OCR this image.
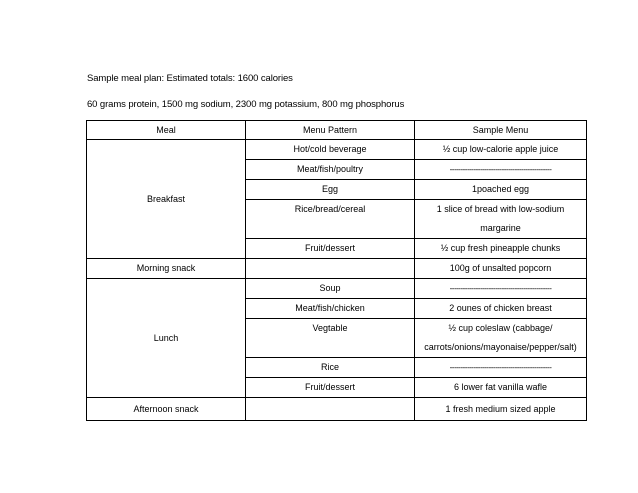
Sample meal plan: Estimated totals: 1600 calories
60 grams protein, 1500 mg sodium, 2300 mg potassium, 800 mg phosphorus
Meal	Menu Pattern	Sample Menu
Breakfast	Hot/cold beverage	½ cup low-calorie apple juice
	Meat/fish/poultry	-----------------------------------------------
	Egg	1poached egg
	Rice/bread/cereal	1 slice of bread with low-sodium margarine
	Fruit/dessert	½ cup fresh pineapple chunks
Morning snack		100g of unsalted popcorn
Lunch	Soup	-----------------------------------------------
	Meat/fish/chicken	2 ounes of chicken breast
	Vegtable	½ cup coleslaw (cabbage/ carrots/onions/mayonaise/pepper/salt)
	Rice	-----------------------------------------------
	Fruit/dessert	6 lower fat vanilla wafle
Afternoon snack		1 fresh medium sized apple
